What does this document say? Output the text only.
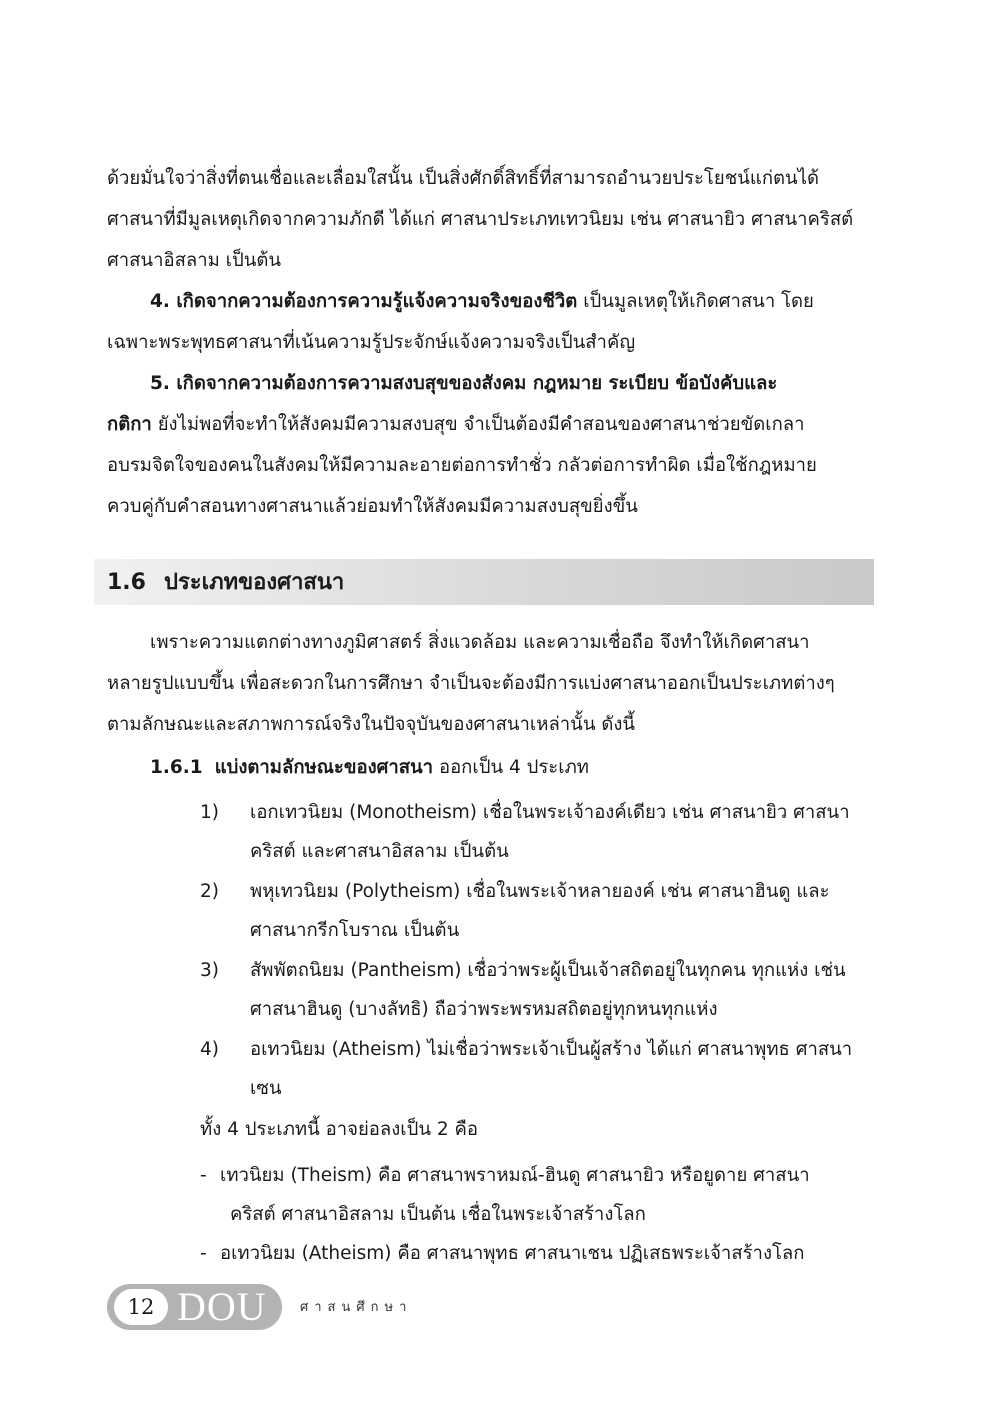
ด้วยมั่นใจว่าสิ่งที่ตนเชื่อและเลื่อมใสนั้น เป็นสิ่งศักดิ์สิทธิ์ที่สามารถอำนวยประโยชน์แก่ตนได้
ศาสนาที่มีมูลเหตุเกิดจากความภักดี ได้แก่ ศาสนาประเภทเทวนิยม เช่น ศาสนายิว ศาสนาคริสต์
ศาสนาอิสลาม เป็นต้น
4. เกิดจากความต้องการความรู้แจ้งความจริงของชีวิต เป็นมูลเหตุให้เกิดศาสนา โดย
เฉพาะพระพุทธศาสนาที่เน้นความรู้ประจักษ์แจ้งความจริงเป็นสำคัญ
5. เกิดจากความต้องการความสงบสุขของสังคม กฎหมาย ระเบียบ ข้อบังคับและ
กติกา ยังไม่พอที่จะทำให้สังคมมีความสงบสุข จำเป็นต้องมีคำสอนของศาสนาช่วยขัดเกลา
อบรมจิตใจของคนในสังคมให้มีความละอายต่อการทำชั่ว กลัวต่อการทำผิด เมื่อใช้กฎหมาย
ควบคู่กับคำสอนทางศาสนาแล้วย่อมทำให้สังคมมีความสงบสุขยิ่งขึ้น
1.6 ประเภทของศาสนา
เพราะความแตกต่างทางภูมิศาสตร์ สิ่งแวดล้อม และความเชื่อถือ จึงทำให้เกิดศาสนา
หลายรูปแบบขึ้น เพื่อสะดวกในการศึกษา จำเป็นจะต้องมีการแบ่งศาสนาออกเป็นประเภทต่างๆ
ตามลักษณะและสภาพการณ์จริงในปัจจุบันของศาสนาเหล่านั้น ดังนี้
1.6.1 แบ่งตามลักษณะของศาสนา ออกเป็น 4 ประเภท
1)	เอกเทวนิยม (Monotheism) เชื่อในพระเจ้าองค์เดียว เช่น ศาสนายิว ศาสนา
คริสต์ และศาสนาอิสลาม เป็นต้น
2)	พหุเทวนิยม (Polytheism) เชื่อในพระเจ้าหลายองค์ เช่น ศาสนาฮินดู และ
ศาสนากรีกโบราณ เป็นต้น
3)	สัพพัตถนิยม (Pantheism) เชื่อว่าพระผู้เป็นเจ้าสถิตอยู่ในทุกคน ทุกแห่ง เช่น
ศาสนาฮินดู (บางลัทธิ) ถือว่าพระพรหมสถิตอยู่ทุกหนทุกแห่ง
4)	อเทวนิยม (Atheism) ไม่เชื่อว่าพระเจ้าเป็นผู้สร้าง ได้แก่ ศาสนาพุทธ ศาสนา
เซน
ทั้ง 4 ประเภทนี้ อาจย่อลงเป็น 2 คือ
- เทวนิยม (Theism) คือ ศาสนาพราหมณ์-ฮินดู ศาสนายิว หรือยูดาย ศาสนา
คริสต์ ศาสนาอิสลาม เป็นต้น เชื่อในพระเจ้าสร้างโลก
- อเทวนิยม (Atheism) คือ ศาสนาพุทธ ศาสนาเชน ปฏิเสธพระเจ้าสร้างโลก
12 DOU	ศาสนศึกษา
